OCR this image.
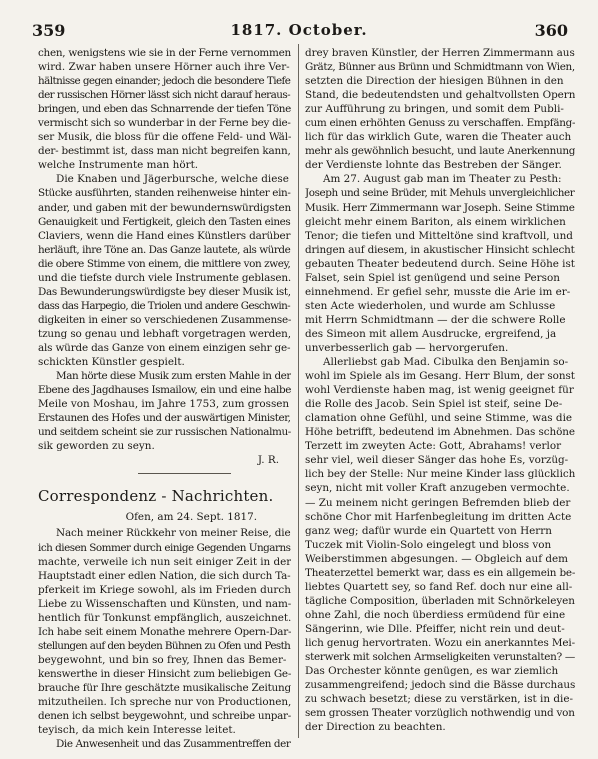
359	1817. October.	360
chen, wenigstens wie sie in der Ferne vernommen
wird. Zwar haben unsere Hörner auch ihre Ver-
hältnisse gegen einander; jedoch die besondere Tiefe
der russischen Hörner lässt sich nicht darauf heraus-
bringen, und eben das Schnarrende der tiefen Töne
vermischt sich so wunderbar in der Ferne bey die-
ser Musik, die bloss für die offene Feld- und Wäl-
der- bestimmt ist, dass man nicht begreifen kann,
welche Instrumente man hört.
Die Knaben und Jägerbursche, welche diese
Stücke ausführten, standen reihenweise hinter ein-
ander, und gaben mit der bewundernswürdigsten
Genauigkeit und Fertigkeit, gleich den Tasten eines
Claviers, wenn die Hand eines Künstlers darüber
herläuft, ihre Töne an. Das Ganze lautete, als würde
die obere Stimme von einem, die mittlere von zwey,
und die tiefste durch viele Instrumente geblasen.
Das Bewunderungswürdigste bey dieser Musik ist,
dass das Harpegio, die Triolen und andere Geschwin-
digkeiten in einer so verschiedenen Zusammense-
tzung so genau und lebhaft vorgetragen werden,
als würde das Ganze von einem einzigen sehr ge-
schickten Künstler gespielt.
Man hörte diese Musik zum ersten Mahle in der
Ebene des Jagdhauses Ismailow, ein und eine halbe
Meile von Moshau, im Jahre 1753, zum grossen
Erstaunen des Hofes und der auswärtigen Minister,
und seitdem scheint sie zur russischen Nationalmu-
sik geworden zu seyn.
J. R.
Correspondenz - Nachrichten.
Ofen, am 24. Sept. 1817.
Nach meiner Rückkehr von meiner Reise, die
ich diesen Sommer durch einige Gegenden Ungarns
machte, verweile ich nun seit einiger Zeit in der
Hauptstadt einer edlen Nation, die sich durch Ta-
pferkeit im Kriege sowohl, als im Frieden durch
Liebe zu Wissenschaften und Künsten, und nam-
hentlich für Tonkunst empfänglich, auszeichnet.
Ich habe seit einem Monathe mehrere Opern-Dar-
stellungen auf den beyden Bühnen zu Ofen und Pesth
beygewohnt, und bin so frey, Ihnen das Bemer-
kenswerthe in dieser Hinsicht zum beliebigen Ge-
brauche für Ihre geschätzte musikalische Zeitung
mitzutheilen. Ich spreche nur von Productionen,
denen ich selbst beygewohnt, und schreibe unpar-
teyisch, da mich kein Interesse leitet.
Die Anwesenheit und das Zusammentreffen der
drey braven Künstler, der Herren Zimmermann aus
Grätz, Bünner aus Brünn und Schmidtmann von Wien,
setzten die Direction der hiesigen Bühnen in den
Stand, die bedeutendsten und gehaltvollsten Opern
zur Aufführung zu bringen, und somit dem Publi-
cum einen erhöhten Genuss zu verschaffen. Empfäng-
lich für das wirklich Gute, waren die Theater auch
mehr als gewöhnlich besucht, und laute Anerkennung
der Verdienste lohnte das Bestreben der Sänger.
Am 27. August gab man im Theater zu Pesth:
Joseph und seine Brüder, mit Mehuls unvergleichlicher
Musik. Herr Zimmermann war Joseph. Seine Stimme
gleicht mehr einem Bariton, als einem wirklichen
Tenor; die tiefen und Mitteltöne sind kraftvoll, und
dringen auf diesem, in akustischer Hinsicht schlecht
gebauten Theater bedeutend durch. Seine Höhe ist
Falset, sein Spiel ist genügend und seine Person
einnehmend. Er gefiel sehr, musste die Arie im er-
sten Acte wiederholen, und wurde am Schlusse
mit Herrn Schmidtmann — der die schwere Rolle
des Simeon mit allem Ausdrucke, ergreifend, ja
unverbesserlich gab — hervorgerufen.
Allerliebst gab Mad. Cibulka den Benjamin so-
wohl im Spiele als im Gesang. Herr Blum, der sonst
wohl Verdienste haben mag, ist wenig geeignet für
die Rolle des Jacob. Sein Spiel ist steif, seine De-
clamation ohne Gefühl, und seine Stimme, was die
Höhe betrifft, bedeutend im Abnehmen. Das schöne
Terzett im zweyten Acte: Gott, Abrahams! verlor
sehr viel, weil dieser Sänger das hohe Es, vorzüg-
lich bey der Stelle: Nur meine Kinder lass glücklich
seyn, nicht mit voller Kraft anzugeben vermochte.
— Zu meinem nicht geringen Befremden blieb der
schöne Chor mit Harfenbegleitung im dritten Acte
ganz weg; dafür wurde ein Quartett von Herrn
Tuczek mit Violin-Solo eingelegt und bloss von
Weiberstimmen abgesungen. — Obgleich auf dem
Theaterzettel bemerkt war, dass es ein allgemein be-
liebtes Quartett sey, so fand Ref. doch nur eine all-
tägliche Composition, überladen mit Schnörkeleyen
ohne Zahl, die noch überdiess ermüdend für eine
Sängerinn, wie Dlle. Pfeiffer, nicht rein und deut-
lich genug hervortraten. Wozu ein anerkanntes Mei-
sterwerk mit solchen Armseligkeiten verunstalten? —
Das Orchester könnte genügen, es war ziemlich
zusammengreifend; jedoch sind die Bässe durchaus
zu schwach besetzt; diese zu verstärken, ist in die-
sem grossen Theater vorzüglich nothwendig und von
der Direction zu beachten.
